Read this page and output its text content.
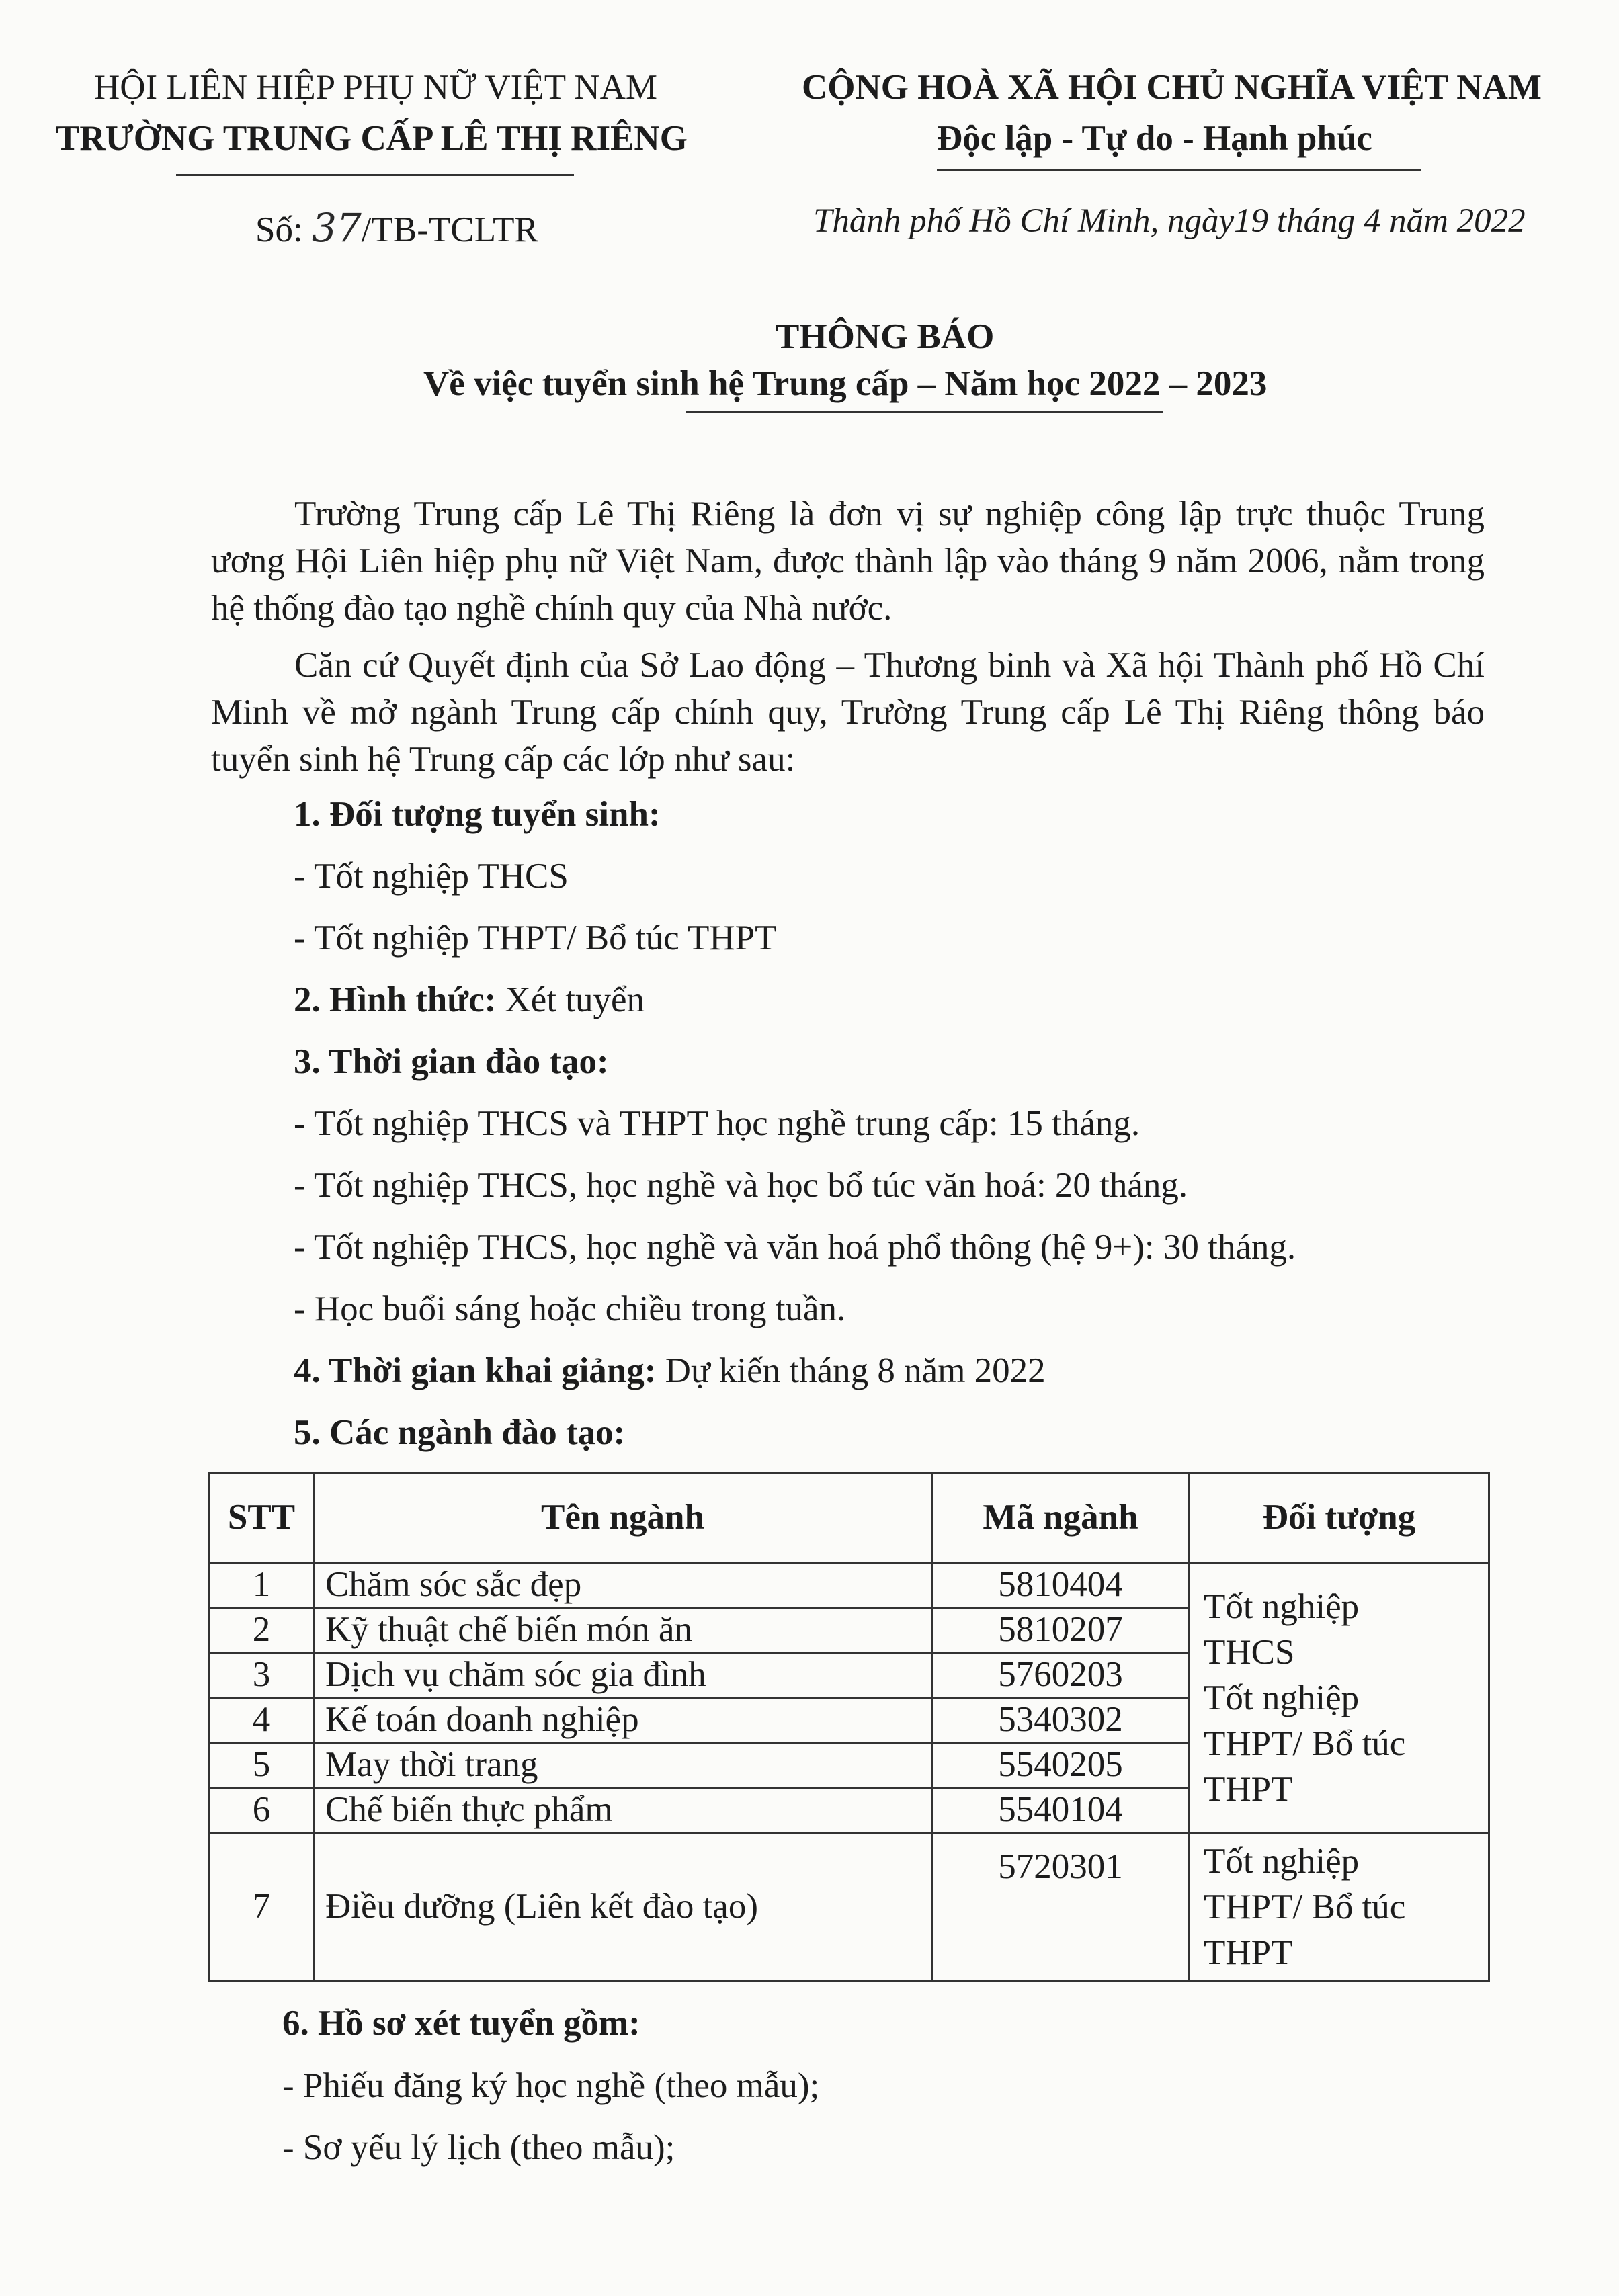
HỘI LIÊN HIỆP PHỤ NỮ VIỆT NAM
TRƯỜNG TRUNG CẤP LÊ THỊ RIÊNG
CỘNG HOÀ XÃ HỘI CHỦ NGHĨA VIỆT NAM
Độc lập - Tự do - Hạnh phúc
Số: 37/TB-TCLTR	Thành phố Hồ Chí Minh, ngày19 tháng 4 năm 2022
THÔNG BÁO
Về việc tuyển sinh hệ Trung cấp – Năm học 2022 – 2023
Trường Trung cấp Lê Thị Riêng là đơn vị sự nghiệp công lập trực thuộc Trung ương Hội Liên hiệp phụ nữ Việt Nam, được thành lập vào tháng 9 năm 2006, nằm trong hệ thống đào tạo nghề chính quy của Nhà nước.
Căn cứ Quyết định của Sở Lao động – Thương binh và Xã hội Thành phố Hồ Chí Minh về mở ngành Trung cấp chính quy, Trường Trung cấp Lê Thị Riêng thông báo tuyển sinh hệ Trung cấp các lớp như sau:
1. Đối tượng tuyển sinh:
- Tốt nghiệp THCS
- Tốt nghiệp THPT/ Bổ túc THPT
2. Hình thức: Xét tuyển
3. Thời gian đào tạo:
- Tốt nghiệp THCS và THPT học nghề trung cấp: 15 tháng.
- Tốt nghiệp THCS, học nghề và học bổ túc văn hoá: 20 tháng.
- Tốt nghiệp THCS, học nghề và văn hoá phổ thông (hệ 9+): 30 tháng.
- Học buổi sáng hoặc chiều trong tuần.
4. Thời gian khai giảng: Dự kiến tháng 8 năm 2022
5. Các ngành đào tạo:
STT	Tên ngành	Mã ngành	Đối tượng
1	Chăm sóc sắc đẹp	5810404	Tốt nghiệp
THCS
Tốt nghiệp
THPT/ Bổ túc
THPT

2	Kỹ thuật chế biến món ăn	5810207	
3	Dịch vụ chăm sóc gia đình	5760203	
4	Kế toán doanh nghiệp	5340302	
5	May thời trang	5540205	
6	Chế biến thực phẩm	5540104	
7	Điều dưỡng (Liên kết đào tạo)	5720301	Tốt nghiệp
THPT/ Bổ túc
THPT
6. Hồ sơ xét tuyển gồm:
- Phiếu đăng ký học nghề (theo mẫu);
- Sơ yếu lý lịch (theo mẫu);
